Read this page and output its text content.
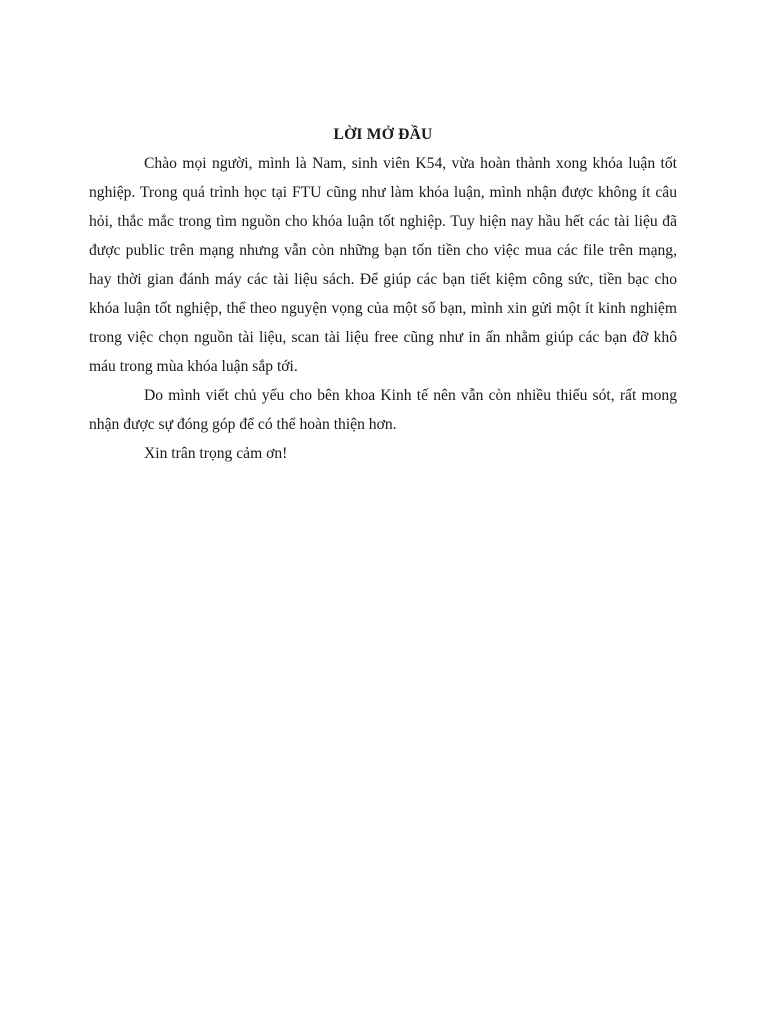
LỜI MỞ ĐẦU

Chào mọi người, mình là Nam, sinh viên K54, vừa hoàn thành xong khóa luận tốt nghiệp. Trong quá trình học tại FTU cũng như làm khóa luận, mình nhận được không ít câu hỏi, thắc mắc trong tìm nguồn cho khóa luận tốt nghiệp. Tuy hiện nay hầu hết các tài liệu đã được public trên mạng nhưng vẫn còn những bạn tốn tiền cho việc mua các file trên mạng, hay thời gian đánh máy các tài liệu sách. Để giúp các bạn tiết kiệm công sức, tiền bạc cho khóa luận tốt nghiệp, thể theo nguyện vọng của một số bạn, mình xin gửi một ít kinh nghiệm trong việc chọn nguồn tài liệu, scan tài liệu free cũng như in ấn nhằm giúp các bạn đỡ khô máu trong mùa khóa luận sắp tới.

Do mình viết chủ yếu cho bên khoa Kinh tế nên vẫn còn nhiều thiếu sót, rất mong nhận được sự đóng góp để có thể hoàn thiện hơn.

Xin trân trọng cảm ơn!
